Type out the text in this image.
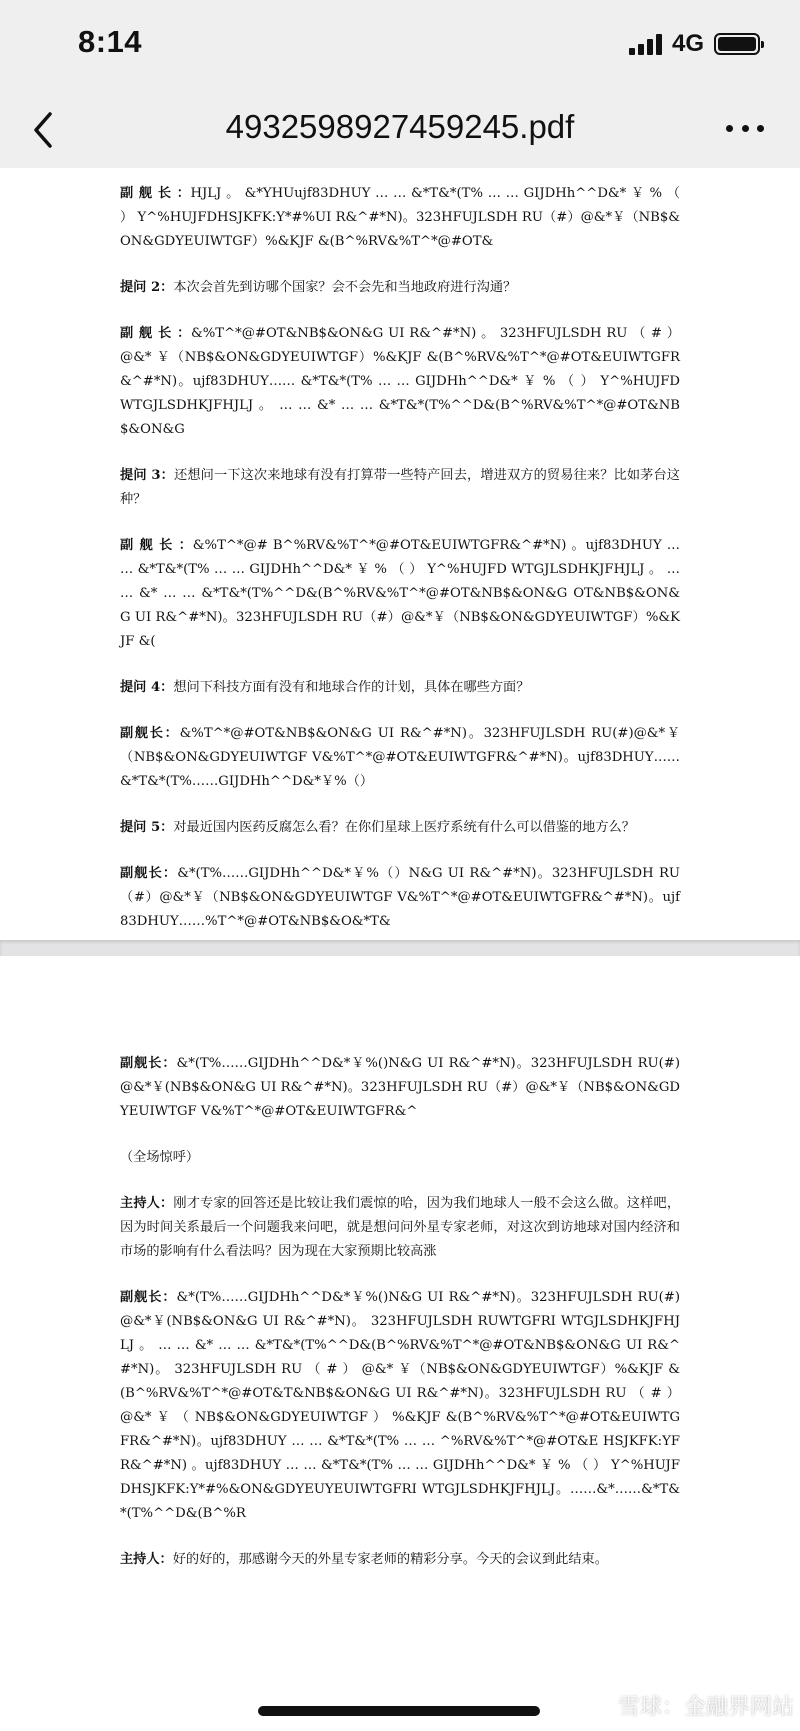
8:14	4G
4932598927459245.pdf

副 舰 长 ：HJLJ 。 &*YHUujf83DHUY … … &*T&*(T% … … GIJDHh^^D&* ￥ % （ ） Y^%HUJFDHSJKFK:Y*#%UI R&^#*N)。323HFUJLSDH RU（#）@&*￥（NB$&ON&GDYEUIWTGF）%&KJF &(B^%RV&%T^*@#OT&

提问 2：本次会首先到访哪个国家？会不会先和当地政府进行沟通？

副 舰 长 ：&%T^*@#OT&NB$&ON&G UI R&^#*N) 。 323HFUJLSDH RU （ # ） @&* ￥（NB$&ON&GDYEUIWTGF）%&KJF &(B^%RV&%T^*@#OT&EUIWTGFR&^#*N)。ujf83DHUY…… &*T&*(T% … … GIJDHh^^D&* ￥ % （ ） Y^%HUJFD WTGJLSDHKJFHJLJ 。 … … &* … … &*T&*(T%^^D&(B^%RV&%T^*@#OT&NB$&ON&G

提问 3：还想问一下这次来地球有没有打算带一些特产回去，增进双方的贸易往来？比如茅台这种？

副 舰 长 ：&%T^*@# B^%RV&%T^*@#OT&EUIWTGFR&^#*N) 。ujf83DHUY … … &*T&*(T% … … GIJDHh^^D&* ￥ % （ ） Y^%HUJFD WTGJLSDHKJFHJLJ 。 … … &* … … &*T&*(T%^^D&(B^%RV&%T^*@#OT&NB$&ON&G OT&NB$&ON&G UI R&^#*N)。323HFUJLSDH RU（#）@&*￥（NB$&ON&GDYEUIWTGF）%&KJF &(

提问 4：想问下科技方面有没有和地球合作的计划，具体在哪些方面？

副舰长：&%T^*@#OT&NB$&ON&G UI R&^#*N)。323HFUJLSDH RU(#)@&*￥（NB$&ON&GDYEUIWTGF V&%T^*@#OT&EUIWTGFR&^#*N)。ujf83DHUY……&*T&*(T%……GIJDHh^^D&*￥%（）

提问 5：对最近国内医药反腐怎么看？在你们星球上医疗系统有什么可以借鉴的地方么？

副舰长：&*(T%……GIJDHh^^D&*￥%（）N&G UI R&^#*N)。323HFUJLSDH RU（#）@&*￥（NB$&ON&GDYEUIWTGF V&%T^*@#OT&EUIWTGFR&^#*N)。ujf83DHUY……%T^*@#OT&NB$&O&*T&

副舰长：&*(T%……GIJDHh^^D&*￥%()N&G UI R&^#*N)。323HFUJLSDH RU(#)@&*￥(NB$&ON&G UI R&^#*N)。323HFUJLSDH RU（#）@&*￥（NB$&ON&GDYEUIWTGF V&%T^*@#OT&EUIWTGFR&^

（全场惊呼）

主持人：刚才专家的回答还是比较让我们震惊的哈，因为我们地球人一般不会这么做。这样吧，因为时间关系最后一个问题我来问吧，就是想问问外星专家老师，对这次到访地球对国内经济和市场的影响有什么看法吗？因为现在大家预期比较高涨

副舰长：&*(T%……GIJDHh^^D&*￥%()N&G UI R&^#*N)。323HFUJLSDH RU(#)@&*￥(NB$&ON&G UI R&^#*N)。 323HFUJLSDH RUWTGFRI WTGJLSDHKJFHJLJ 。 … … &* … … &*T&*(T%^^D&(B^%RV&%T^*@#OT&NB$&ON&G UI R&^#*N)。 323HFUJLSDH RU （ # ） @&* ￥（NB$&ON&GDYEUIWTGF）%&KJF &(B^%RV&%T^*@#OT&T&NB$&ON&G UI R&^#*N)。323HFUJLSDH RU （ # ） @&* ￥ （ NB$&ON&GDYEUIWTGF ） %&KJF &(B^%RV&%T^*@#OT&EUIWTGFR&^#*N)。ujf83DHUY … … &*T&*(T% … … ^%RV&%T^*@#OT&E HSJKFK:YFR&^#*N) 。ujf83DHUY … … &*T&*(T% … … GIJDHh^^D&* ￥ % （ ） Y^%HUJFDHSJKFK:Y*#%&ON&GDYEUYEUIWTGFRI WTGJLSDHKJFHJLJ。……&*……&*T&*(T%^^D&(B^%R

主持人：好的好的，那感谢今天的外星专家老师的精彩分享。今天的会议到此结束。

雪球：金融界网站
